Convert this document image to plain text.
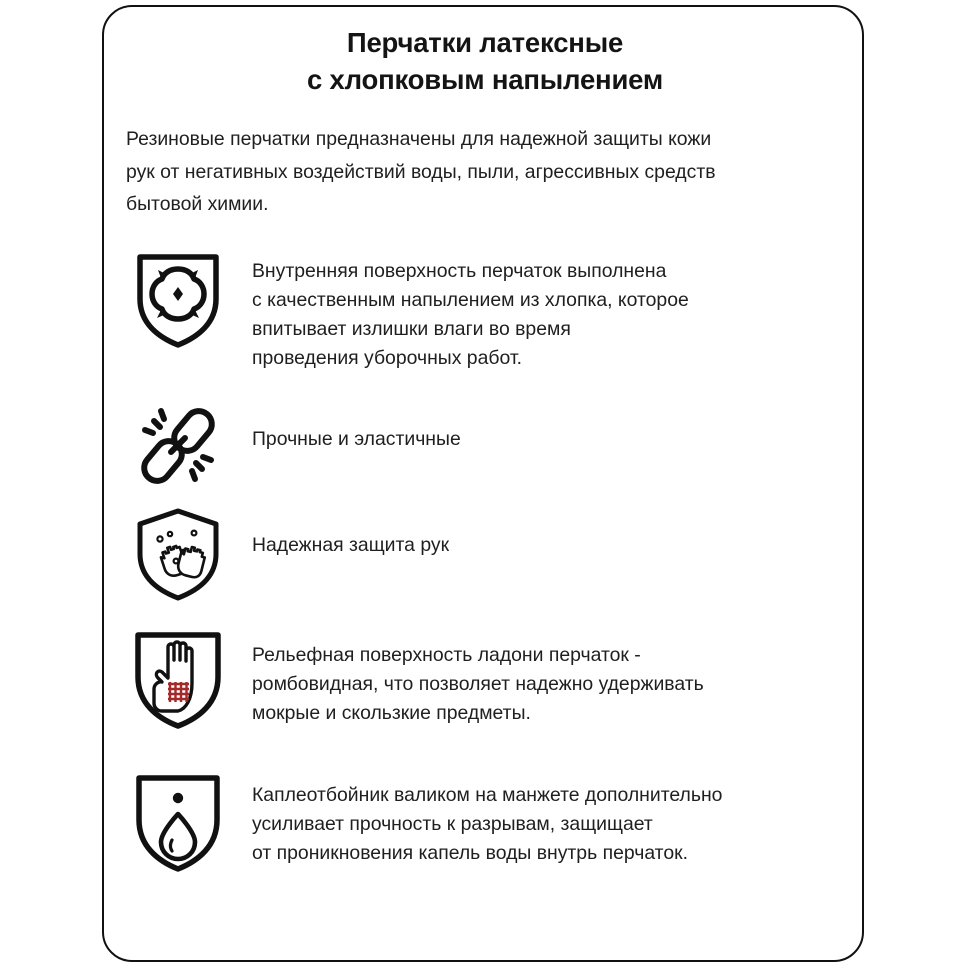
Перчатки латексные
с хлопковым напылением
Резиновые перчатки предназначены для надежной защиты кожи
рук от негативных воздействий воды, пыли, агрессивных средств
бытовой химии.
Внутренняя поверхность перчаток выполнена
с качественным напылением из хлопка, которое
впитывает излишки влаги во время
проведения уборочных работ.
Прочные и эластичные
Надежная защита рук
Рельефная поверхность ладони перчаток -
ромбовидная, что позволяет надежно удерживать
мокрые и скользкие предметы.
Каплеотбойник валиком на манжете дополнительно
усиливает прочность к разрывам, защищает
от проникновения капель воды внутрь перчаток.
